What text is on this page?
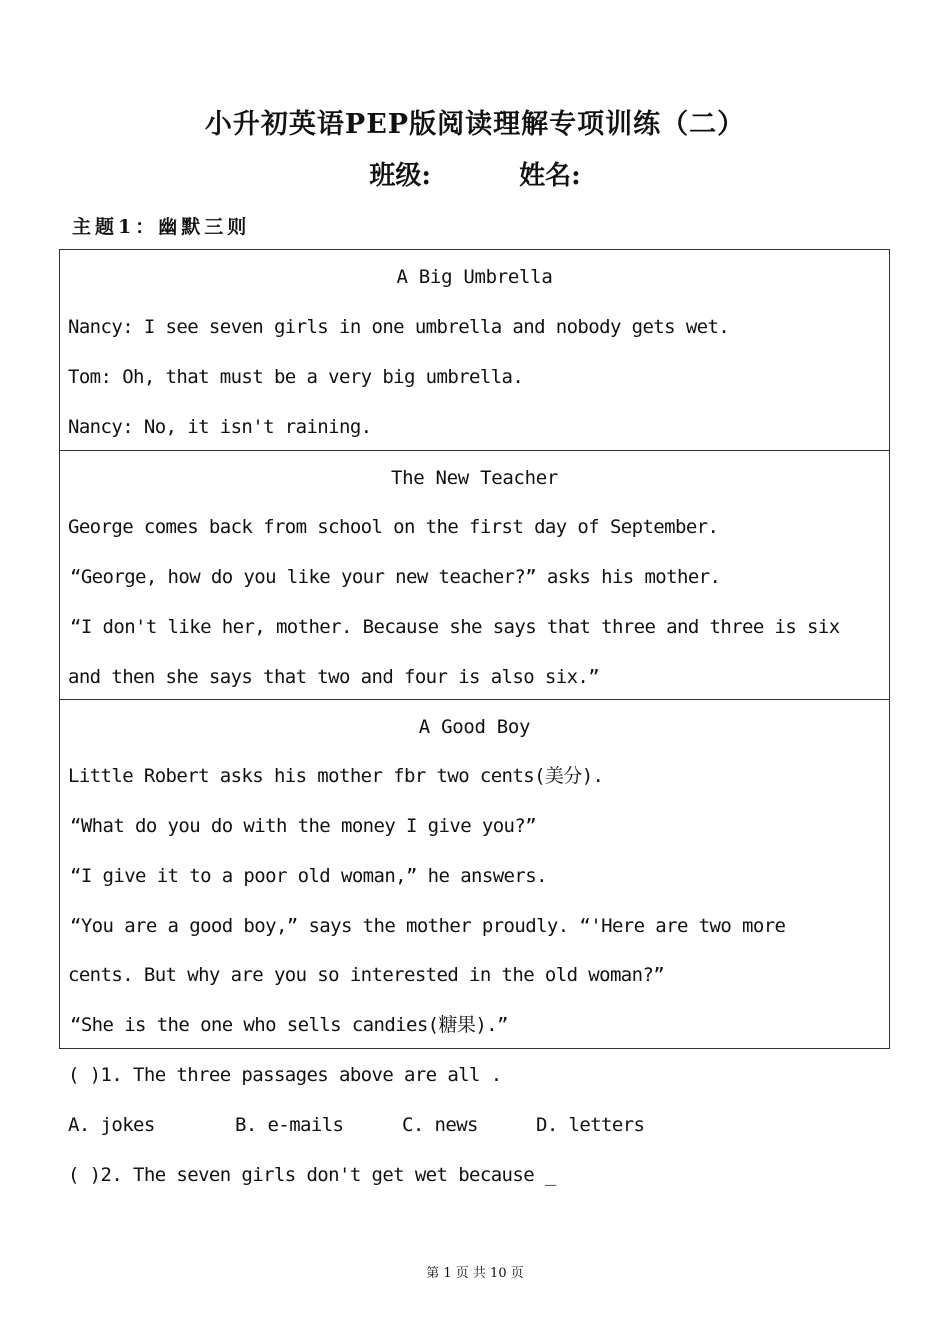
小升初英语PEP版阅读理解专项训练（二）
班级:	姓名:
主题1：幽默三则
A Big Umbrella
Nancy: I see seven girls in one umbrella and nobody gets wet.
Tom: Oh, that must be a very big umbrella.
Nancy: No, it isn't raining.
The New Teacher
George comes back from school on the first day of September.
“George, how do you like your new teacher?” asks his mother.
“I don't like her, mother. Because she says that three and three is six
and then she says that two and four is also six.”
A Good Boy
Little Robert asks his mother fbr two cents(美分).
“What do you do with the money I give you?”
“I give it to a poor old woman,” he answers.
“You are a good boy,” says the mother proudly. “'Here are two more
cents. But why are you so interested in the old woman?”
“She is the one who sells candies(糖果).”
( )1. The three passages above are all .
A. jokes	B. e-mails	C. news	D. letters
( )2. The seven girls don't get wet because _
第 1 页 共 10 页
